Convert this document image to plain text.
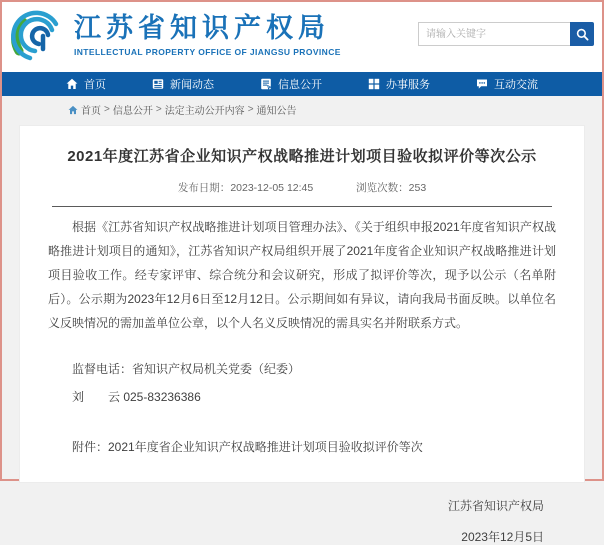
江苏省知识产权局
INTELLECTUAL PROPERTY OFFICE OF JIANGSU PROVINCE
请输入关键字
首页	新闻动态	信息公开	办事服务	互动交流
首页 > 信息公开 > 法定主动公开内容 > 通知公告
2021年度江苏省企业知识产权战略推进计划项目验收拟评价等次公示
发布日期：2023-12-05 12:45	浏览次数：253

根据《江苏省知识产权战略推进计划项目管理办法》、《关于组织申报2021年度省知识产权战略推进计划项目的通知》，江苏省知识产权局组织开展了2021年度省企业知识产权战略推进计划项目验收工作。经专家评审、综合统分和会议研究，形成了拟评价等次，现予以公示（名单附后）。公示期为2023年12月6日至12月12日。公示期间如有异议，请向我局书面反映。以单位名义反映情况的需加盖单位公章，以个人名义反映情况的需具实名并附联系方式。

监督电话：省知识产权局机关党委（纪委）
刘　　云 025-83236386
附件：2021年度省企业知识产权战略推进计划项目验收拟评价等次
江苏省知识产权局
2023年12月5日
